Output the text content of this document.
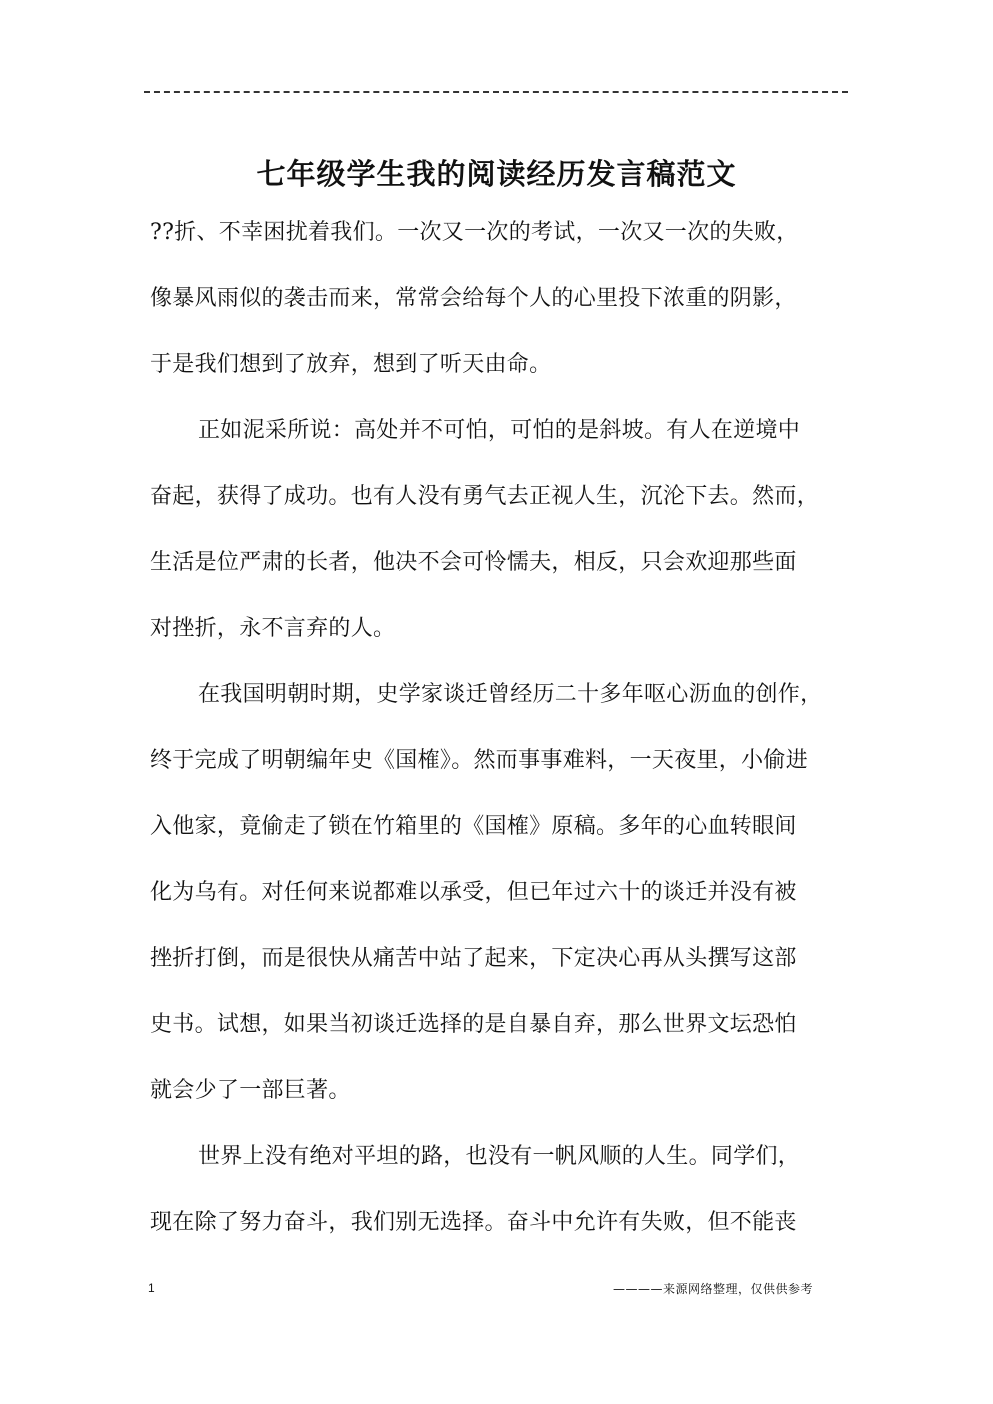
七年级学生我的阅读经历发言稿范文
??折、不幸困扰着我们。一次又一次的考试，一次又一次的失败，
像暴风雨似的袭击而来，常常会给每个人的心里投下浓重的阴影，
于是我们想到了放弃，想到了听天由命。
正如泥采所说：高处并不可怕，可怕的是斜坡。有人在逆境中
奋起，获得了成功。也有人没有勇气去正视人生，沉沦下去。然而，
生活是位严肃的长者，他决不会可怜懦夫，相反，只会欢迎那些面
对挫折，永不言弃的人。
在我国明朝时期，史学家谈迁曾经历二十多年呕心沥血的创作，
终于完成了明朝编年史《国榷》。然而事事难料，一天夜里，小偷进
入他家，竟偷走了锁在竹箱里的《国榷》原稿。多年的心血转眼间
化为乌有。对任何来说都难以承受，但已年过六十的谈迁并没有被
挫折打倒，而是很快从痛苦中站了起来，下定决心再从头撰写这部
史书。试想，如果当初谈迁选择的是自暴自弃，那么世界文坛恐怕
就会少了一部巨著。
世界上没有绝对平坦的路，也没有一帆风顺的人生。同学们，
现在除了努力奋斗，我们别无选择。奋斗中允许有失败，但不能丧
1	————来源网络整理，仅供供参考
